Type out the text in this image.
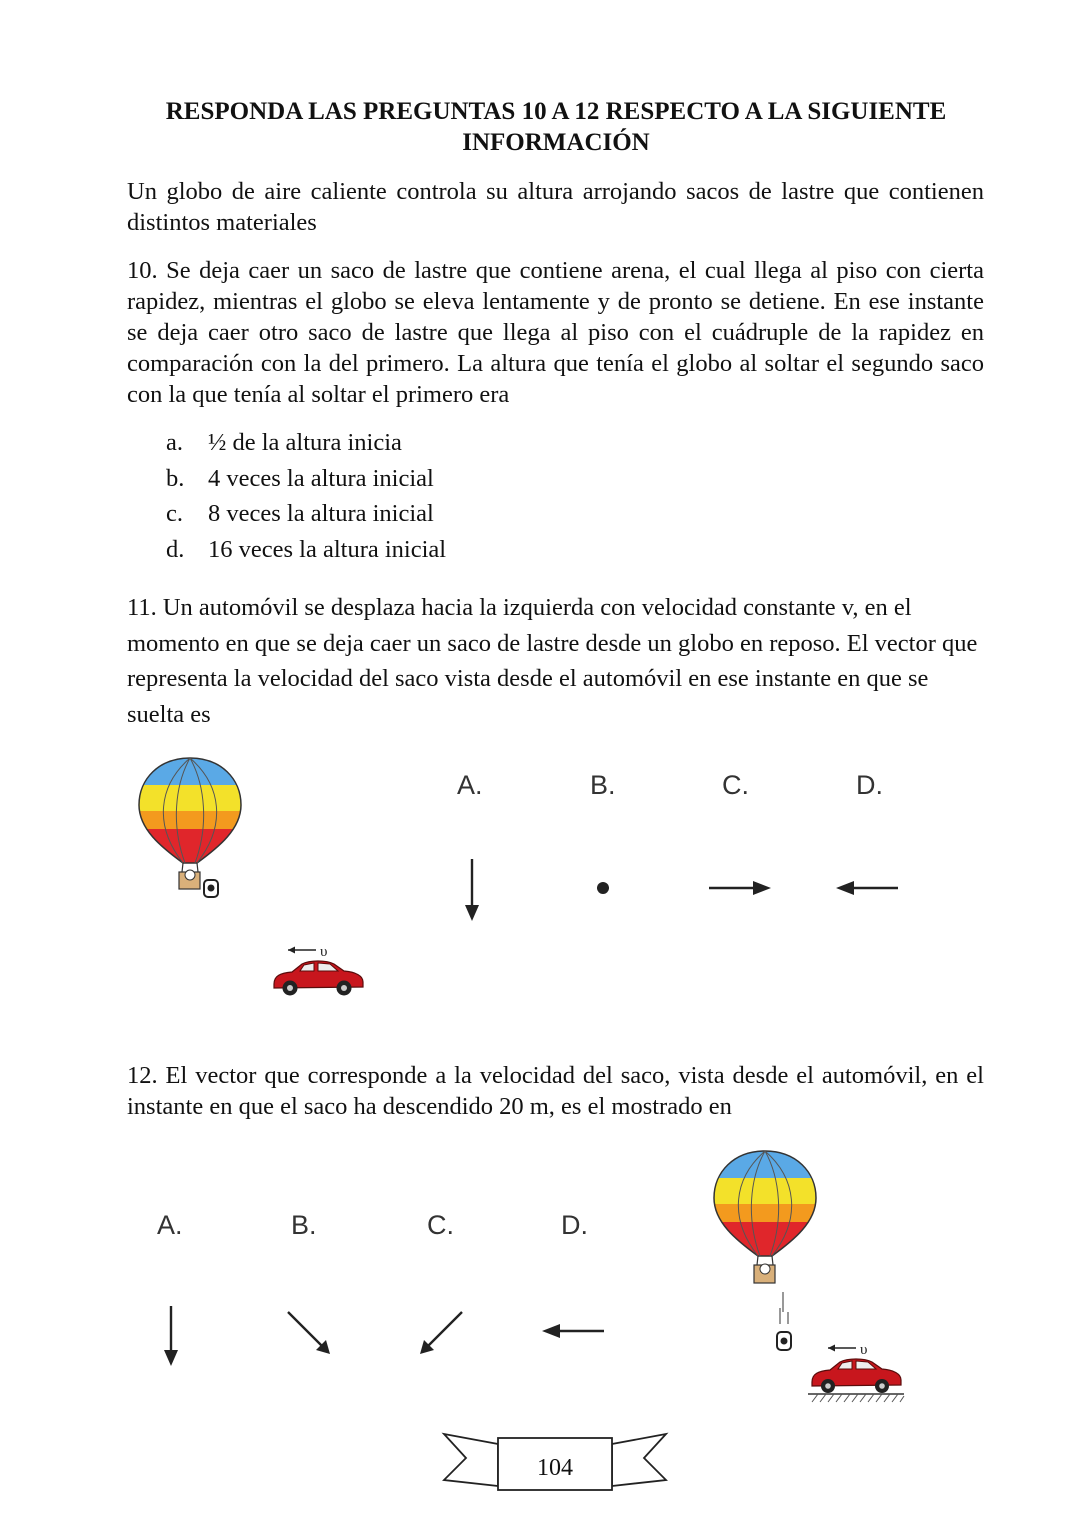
RESPONDA LAS PREGUNTAS 10 A 12 RESPECTO A LA SIGUIENTE
INFORMACIÓN
Un globo de aire caliente controla su altura arrojando sacos de lastre que contienen distintos materiales
10. Se deja caer un saco de lastre que contiene arena, el cual llega al piso con cierta rapidez, mientras el globo se eleva lentamente y de pronto se detiene. En ese instante se deja caer otro saco de lastre que llega al piso con el cuádruple de la rapidez en comparación con la del primero. La altura que tenía el globo al soltar el segundo saco con la que tenía al soltar el primero era
a. ½ de la altura inicia
b. 4 veces la altura inicial
c. 8 veces la altura inicial
d. 16 veces la altura inicial
11. Un automóvil se desplaza hacia la izquierda con velocidad constante v, en el momento en que se deja caer un saco de lastre desde un globo en reposo. El vector que representa la velocidad del saco vista desde el automóvil en ese instante en que se suelta es
υ
A.	B.	C.	D.
12. El vector que corresponde a la velocidad del saco, vista desde el automóvil, en el instante en que el saco ha descendido 20 m, es el mostrado en
A.	B.	C.	D.
υ
104
